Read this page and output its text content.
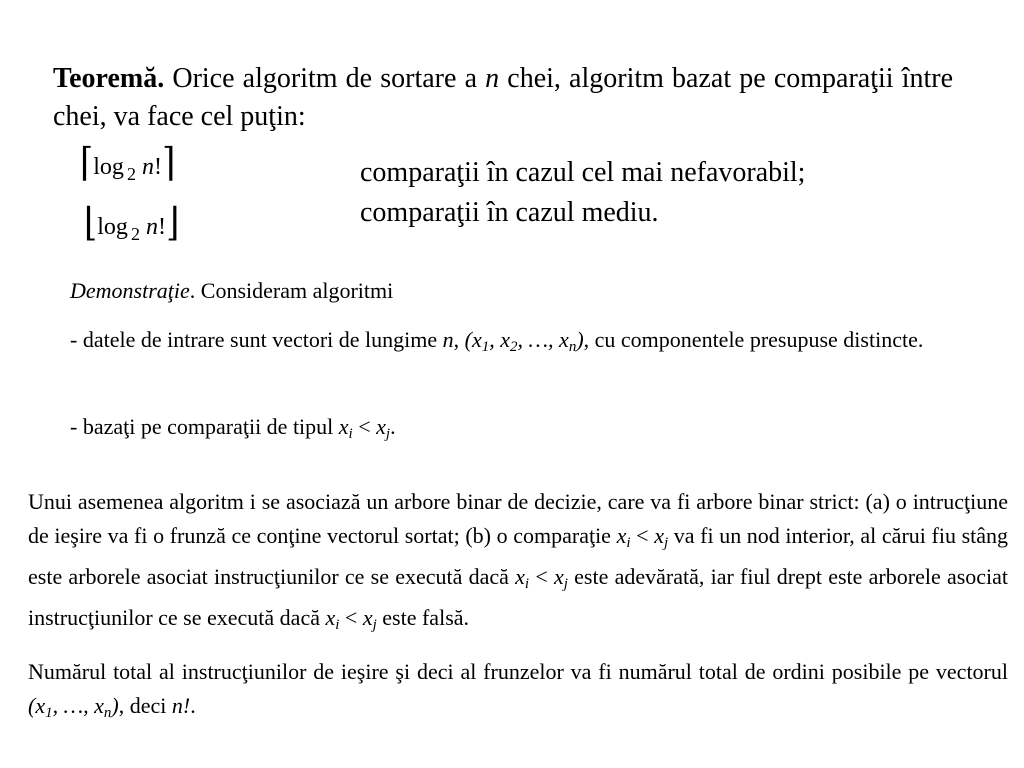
Teoremă. Orice algoritm de sortare a n chei, algoritm bazat pe comparaţii între chei, va face cel puţin:
⌈log $_2$ n!⌉
⌊log $_2$ n!⌋
comparaţii în cazul cel mai nefavorabil;
comparaţii în cazul mediu.
Demonstraţie. Consideram algoritmi
- datele de intrare sunt vectori de lungime n, ($x_1$, $x_2$, …, $x_n$), cu componentele presupuse distincte.
- bazaţi pe comparaţii de tipul $x_i < x_j$.
Unui asemenea algoritm i se asociază un arbore binar de decizie, care va fi arbore binar strict: (a) o intrucţiune de ieşire va fi o frunză ce conţine vectorul sortat; (b) o comparaţie $x_i < x_j$ va fi un nod interior, al cărui fiu stâng este arborele asociat instrucţiunilor ce se execută dacă $x_i < x_j$ este adevărată, iar fiul drept este arborele asociat instrucţiunilor ce se execută dacă $x_i < x_j$ este falsă.
Numărul total al instrucţiunilor de ieşire şi deci al frunzelor va fi numărul total de ordini posibile pe vectorul ($x_1$, …, $x_n$), deci n!.
